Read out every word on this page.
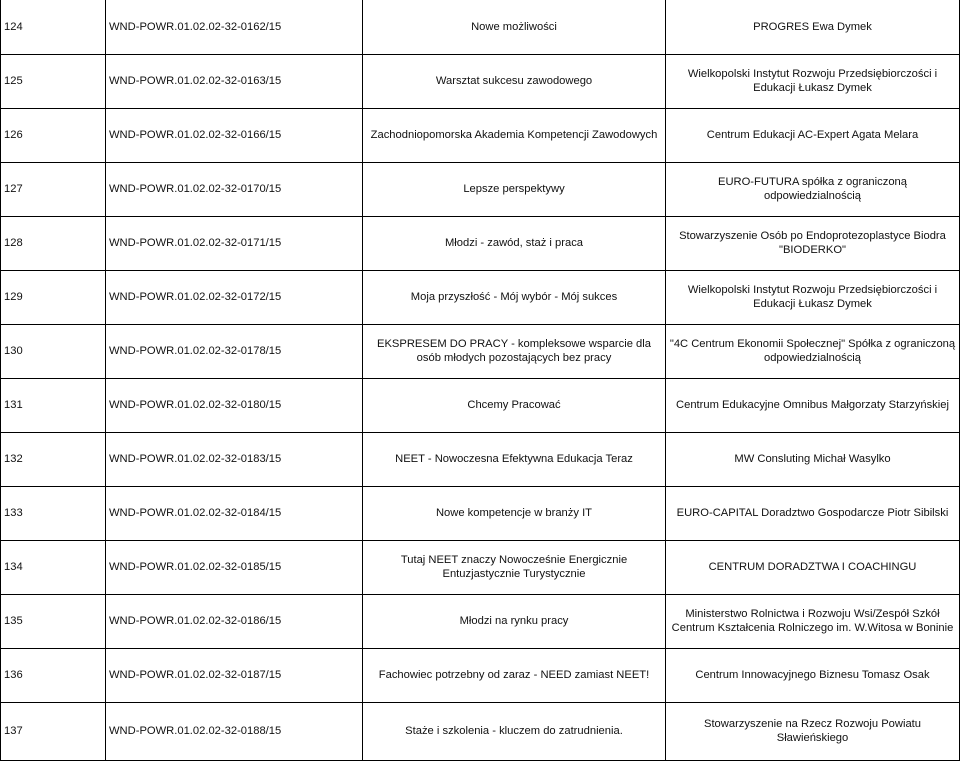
124	WND-POWR.01.02.02-32-0162/15	Nowe możliwości	PROGRES Ewa Dymek
125	WND-POWR.01.02.02-32-0163/15	Warsztat sukcesu zawodowego	Wielkopolski Instytut Rozwoju Przedsiębiorczości i Edukacji Łukasz Dymek
126	WND-POWR.01.02.02-32-0166/15	Zachodniopomorska Akademia Kompetencji Zawodowych	Centrum Edukacji AC-Expert Agata Melara
127	WND-POWR.01.02.02-32-0170/15	Lepsze perspektywy	EURO-FUTURA spółka z ograniczoną odpowiedzialnością
128	WND-POWR.01.02.02-32-0171/15	Młodzi - zawód, staż i praca	Stowarzyszenie Osób po Endoprotezoplastyce Biodra "BIODERKO"
129	WND-POWR.01.02.02-32-0172/15	Moja przyszłość - Mój wybór - Mój sukces	Wielkopolski Instytut Rozwoju Przedsiębiorczości i Edukacji Łukasz Dymek
130	WND-POWR.01.02.02-32-0178/15	EKSPRESEM DO PRACY - kompleksowe wsparcie dla osób młodych pozostających bez pracy	"4C Centrum Ekonomii Społecznej" Spółka z ograniczoną odpowiedzialnością
131	WND-POWR.01.02.02-32-0180/15	Chcemy Pracować	Centrum Edukacyjne Omnibus Małgorzaty Starzyńskiej
132	WND-POWR.01.02.02-32-0183/15	NEET - Nowoczesna Efektywna Edukacja Teraz	MW Consluting Michał Wasylko
133	WND-POWR.01.02.02-32-0184/15	Nowe kompetencje w branży IT	EURO-CAPITAL Doradztwo Gospodarcze Piotr Sibilski
134	WND-POWR.01.02.02-32-0185/15	Tutaj NEET znaczy Nowocześnie Energicznie Entuzjastycznie Turystycznie	CENTRUM DORADZTWA I COACHINGU
135	WND-POWR.01.02.02-32-0186/15	Młodzi na rynku pracy	Ministerstwo Rolnictwa i Rozwoju Wsi/Zespół Szkół Centrum Kształcenia Rolniczego im. W.Witosa w Boninie
136	WND-POWR.01.02.02-32-0187/15	Fachowiec potrzebny od zaraz - NEED zamiast NEET!	Centrum Innowacyjnego Biznesu Tomasz Osak
137	WND-POWR.01.02.02-32-0188/15	Staże i szkolenia - kluczem do zatrudnienia.	Stowarzyszenie na Rzecz Rozwoju Powiatu Sławieńskiego
